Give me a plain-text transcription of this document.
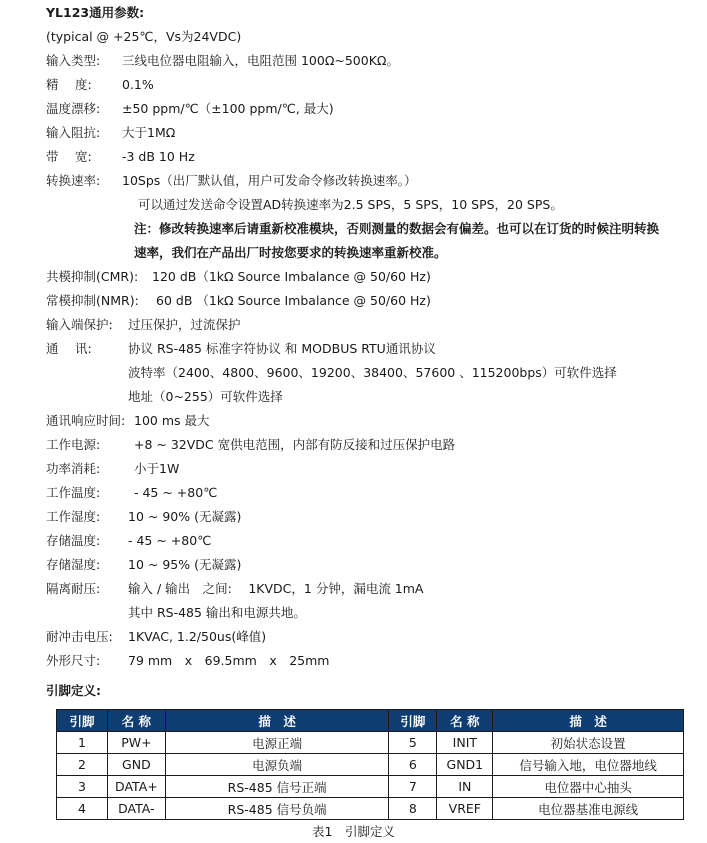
YL123通用参数:
(typical @ +25℃，Vs为24VDC)
输入类型: 三线电位器电阻输入，电阻范围 100Ω~500KΩ。
精　 度: 0.1%
温度漂移: ±50 ppm/℃（±100 ppm/℃, 最大)
输入阻抗: 大于1MΩ
带　 宽: -3 dB 10 Hz
转换速率: 10Sps（出厂默认值，用户可发命令修改转换速率。）
可以通过发送命令设置AD转换速率为2.5 SPS，5 SPS，10 SPS，20 SPS。
注：修改转换速率后请重新校准模块，否则测量的数据会有偏差。也可以在订货的时候注明转换
速率，我们在产品出厂时按您要求的转换速率重新校准。
共模抑制(CMR): 120 dB（1kΩ Source Imbalance @ 50/60 Hz)
常模抑制(NMR): 60 dB （1kΩ Source Imbalance @ 50/60 Hz)
输入端保护: 过压保护，过流保护
通　 讯:	协议 RS-485 标准字符协议 和 MODBUS RTU通讯协议
波特率（2400、4800、9600、19200、38400、57600 、115200bps）可软件选择
地址（0~255）可软件选择
通讯响应时间: 100 ms 最大
工作电源:	+8 ~ 32VDC 宽供电范围，内部有防反接和过压保护电路
功率消耗:	小于1W
工作温度:	- 45 ~ +80℃
工作湿度: 10 ~ 90% (无凝露)
存储温度: - 45 ~ +80℃
存储湿度: 10 ~ 95% (无凝露)
隔离耐压: 输入 / 输出　之间:　 1KVDC，1 分钟，漏电流 1mA
其中 RS-485 输出和电源共地。
耐冲击电压: 1KVAC, 1.2/50us(峰值)
外形尺寸: 79 mm　x　69.5mm　x　25mm
引脚定义:
引脚	名 称	描　述	引脚	名 称	描　述
1	PW+	电源正端	5	INIT	初始状态设置
2	GND	电源负端	6	GND1	信号输入地，电位器地线
3	DATA+	RS-485 信号正端	7	IN	电位器中心抽头
4	DATA-	RS-485 信号负端	8	VREF	电位器基准电源线
表1　引脚定义
